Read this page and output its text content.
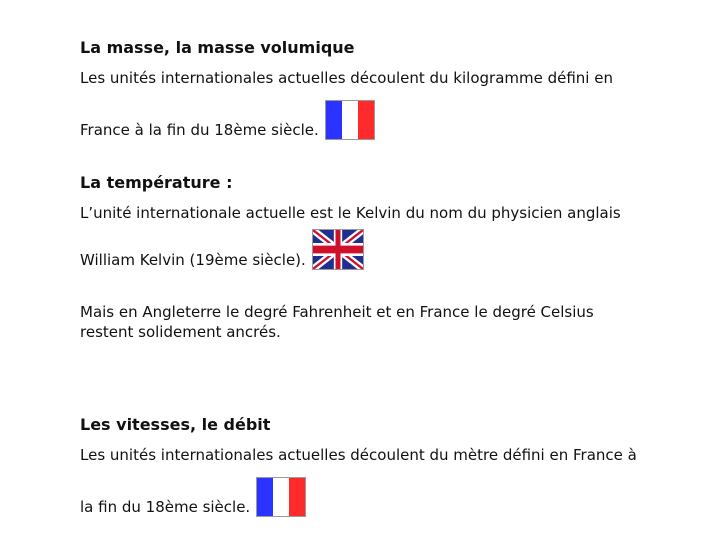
La masse, la masse volumique

Les unités internationales actuelles découlent du kilogramme défini en

France à la fin du 18ème siècle.

La température :

L’unité internationale actuelle est le Kelvin du nom du physicien anglais

William Kelvin (19ème siècle).

Mais en Angleterre le degré Fahrenheit et en France le degré Celsius

restent solidement ancrés.

Les vitesses, le débit

Les unités internationales actuelles découlent du mètre défini en France à

la fin du 18ème siècle.
